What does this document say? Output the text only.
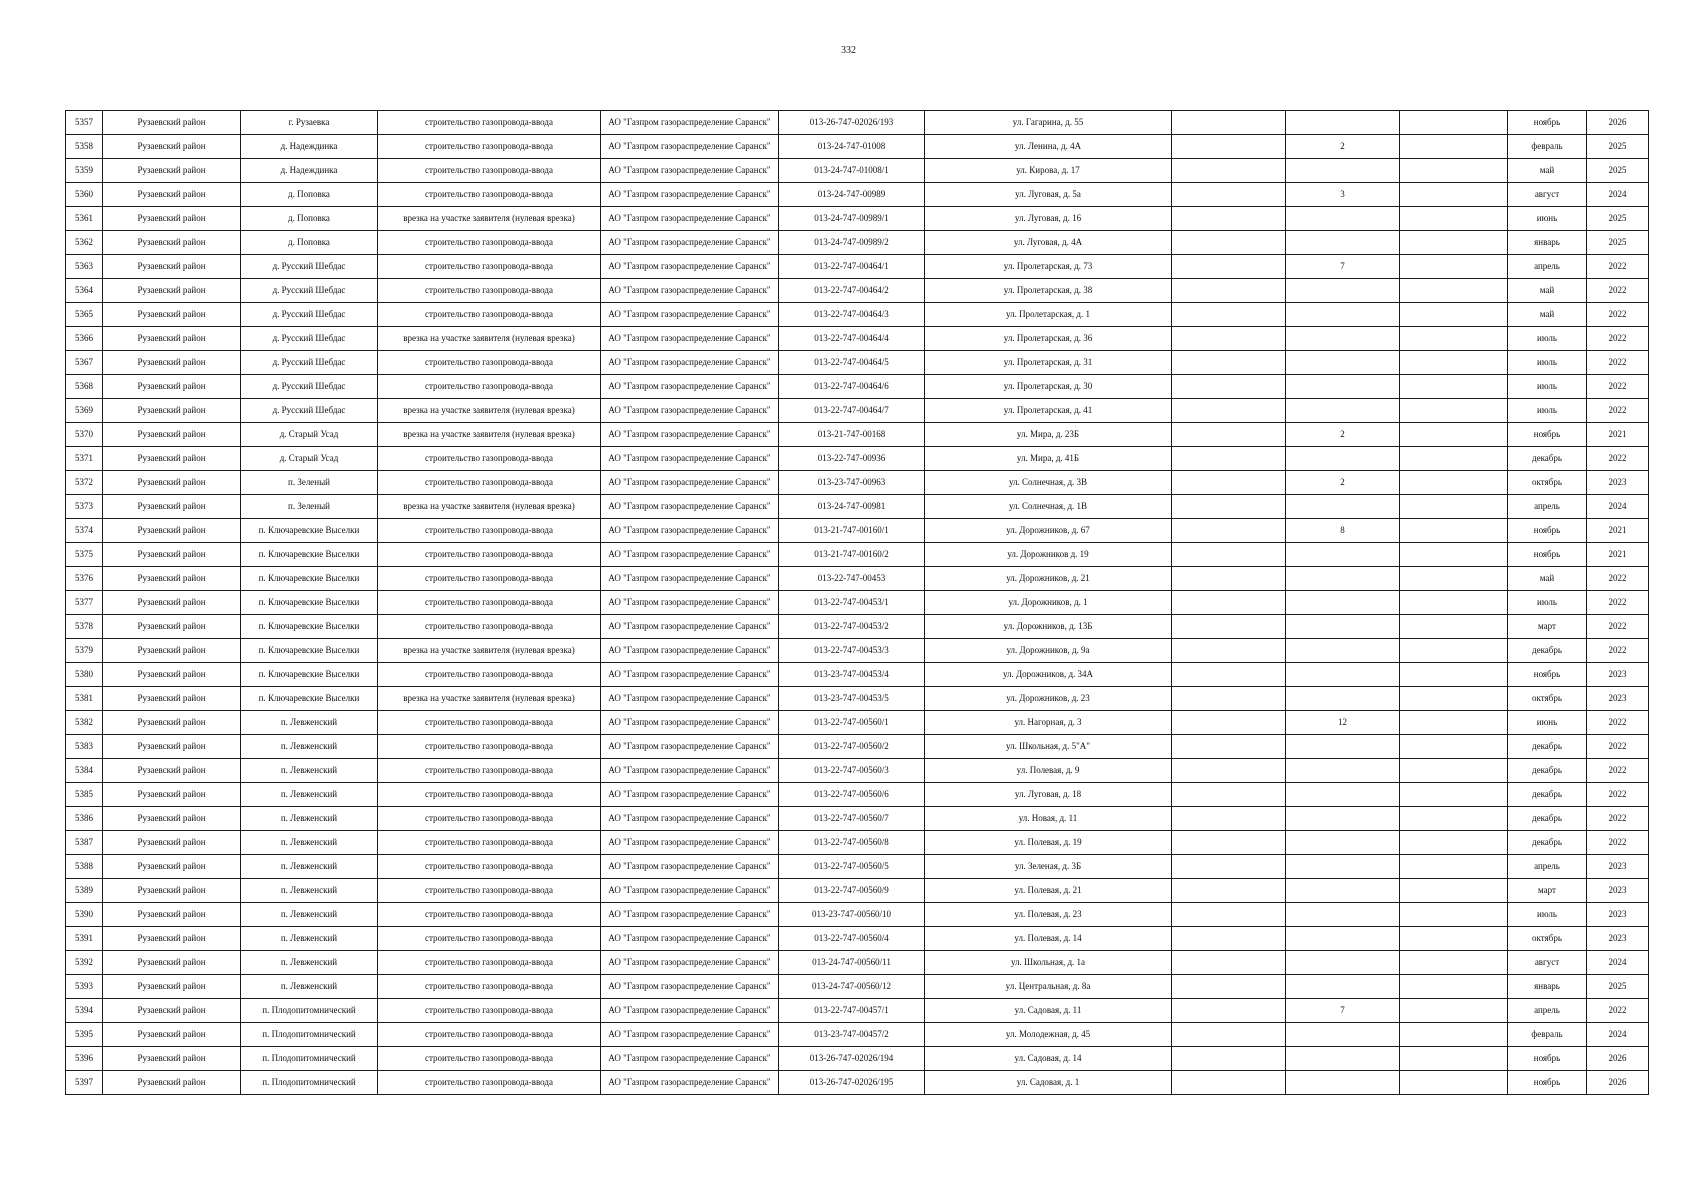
332
5357	Рузаевский район	г. Рузаевка	строительство газопровода-ввода	АО "Газпром газораспределение Саранск"	013-26-747-02026/193	ул. Гагарина, д. 55				ноябрь	2026
5358	Рузаевский район	д. Надеждинка	строительство газопровода-ввода	АО "Газпром газораспределение Саранск"	013-24-747-01008	ул. Ленина, д. 4А		2		февраль	2025
5359	Рузаевский район	д. Надеждинка	строительство газопровода-ввода	АО "Газпром газораспределение Саранск"	013-24-747-01008/1	ул. Кирова, д. 17				май	2025
5360	Рузаевский район	д. Поповка	строительство газопровода-ввода	АО "Газпром газораспределение Саранск"	013-24-747-00989	ул. Луговая, д. 5а		3		август	2024
5361	Рузаевский район	д. Поповка	врезка на участке заявителя (нулевая врезка)	АО "Газпром газораспределение Саранск"	013-24-747-00989/1	ул. Луговая, д. 16				июнь	2025
5362	Рузаевский район	д. Поповка	строительство газопровода-ввода	АО "Газпром газораспределение Саранск"	013-24-747-00989/2	ул. Луговая, д. 4А				январь	2025
5363	Рузаевский район	д. Русский Шебдас	строительство газопровода-ввода	АО "Газпром газораспределение Саранск"	013-22-747-00464/1	ул. Пролетарская, д. 73		7		апрель	2022
5364	Рузаевский район	д. Русский Шебдас	строительство газопровода-ввода	АО "Газпром газораспределение Саранск"	013-22-747-00464/2	ул. Пролетарская, д. 38				май	2022
5365	Рузаевский район	д. Русский Шебдас	строительство газопровода-ввода	АО "Газпром газораспределение Саранск"	013-22-747-00464/3	ул. Пролетарская, д. 1				май	2022
5366	Рузаевский район	д. Русский Шебдас	врезка на участке заявителя (нулевая врезка)	АО "Газпром газораспределение Саранск"	013-22-747-00464/4	ул. Пролетарская, д. 36				июль	2022
5367	Рузаевский район	д. Русский Шебдас	строительство газопровода-ввода	АО "Газпром газораспределение Саранск"	013-22-747-00464/5	ул. Пролетарская, д. 31				июль	2022
5368	Рузаевский район	д. Русский Шебдас	строительство газопровода-ввода	АО "Газпром газораспределение Саранск"	013-22-747-00464/6	ул. Пролетарская, д. 30				июль	2022
5369	Рузаевский район	д. Русский Шебдас	врезка на участке заявителя (нулевая врезка)	АО "Газпром газораспределение Саранск"	013-22-747-00464/7	ул. Пролетарская, д. 41				июль	2022
5370	Рузаевский район	д. Старый Усад	врезка на участке заявителя (нулевая врезка)	АО "Газпром газораспределение Саранск"	013-21-747-00168	ул. Мира, д. 23Б		2		ноябрь	2021
5371	Рузаевский район	д. Старый Усад	строительство газопровода-ввода	АО "Газпром газораспределение Саранск"	013-22-747-00936	ул. Мира, д. 41Б				декабрь	2022
5372	Рузаевский район	п. Зеленый	строительство газопровода-ввода	АО "Газпром газораспределение Саранск"	013-23-747-00963	ул. Солнечная, д. 3В		2		октябрь	2023
5373	Рузаевский район	п. Зеленый	врезка на участке заявителя (нулевая врезка)	АО "Газпром газораспределение Саранск"	013-24-747-00981	ул. Солнечная, д. 1В				апрель	2024
5374	Рузаевский район	п. Ключаревские Выселки	строительство газопровода-ввода	АО "Газпром газораспределение Саранск"	013-21-747-00160/1	ул. Дорожников, д. 67		8		ноябрь	2021
5375	Рузаевский район	п. Ключаревские Выселки	строительство газопровода-ввода	АО "Газпром газораспределение Саранск"	013-21-747-00160/2	ул. Дорожников д. 19				ноябрь	2021
5376	Рузаевский район	п. Ключаревские Выселки	строительство газопровода-ввода	АО "Газпром газораспределение Саранск"	013-22-747-00453	ул. Дорожников, д. 21				май	2022
5377	Рузаевский район	п. Ключаревские Выселки	строительство газопровода-ввода	АО "Газпром газораспределение Саранск"	013-22-747-00453/1	ул. Дорожников, д. 1				июль	2022
5378	Рузаевский район	п. Ключаревские Выселки	строительство газопровода-ввода	АО "Газпром газораспределение Саранск"	013-22-747-00453/2	ул. Дорожников, д. 13Б				март	2022
5379	Рузаевский район	п. Ключаревские Выселки	врезка на участке заявителя (нулевая врезка)	АО "Газпром газораспределение Саранск"	013-22-747-00453/3	ул. Дорожников, д. 9а				декабрь	2022
5380	Рузаевский район	п. Ключаревские Выселки	строительство газопровода-ввода	АО "Газпром газораспределение Саранск"	013-23-747-00453/4	ул. Дорожников, д. 34А				ноябрь	2023
5381	Рузаевский район	п. Ключаревские Выселки	врезка на участке заявителя (нулевая врезка)	АО "Газпром газораспределение Саранск"	013-23-747-00453/5	ул. Дорожников, д. 23				октябрь	2023
5382	Рузаевский район	п. Левженский	строительство газопровода-ввода	АО "Газпром газораспределение Саранск"	013-22-747-00560/1	ул. Нагорная, д. 3		12		июнь	2022
5383	Рузаевский район	п. Левженский	строительство газопровода-ввода	АО "Газпром газораспределение Саранск"	013-22-747-00560/2	ул. Школьная, д. 5"А"				декабрь	2022
5384	Рузаевский район	п. Левженский	строительство газопровода-ввода	АО "Газпром газораспределение Саранск"	013-22-747-00560/3	ул. Полевая, д. 9				декабрь	2022
5385	Рузаевский район	п. Левженский	строительство газопровода-ввода	АО "Газпром газораспределение Саранск"	013-22-747-00560/6	ул. Луговая, д. 18				декабрь	2022
5386	Рузаевский район	п. Левженский	строительство газопровода-ввода	АО "Газпром газораспределение Саранск"	013-22-747-00560/7	ул. Новая, д. 11				декабрь	2022
5387	Рузаевский район	п. Левженский	строительство газопровода-ввода	АО "Газпром газораспределение Саранск"	013-22-747-00560/8	ул. Полевая, д. 19				декабрь	2022
5388	Рузаевский район	п. Левженский	строительство газопровода-ввода	АО "Газпром газораспределение Саранск"	013-22-747-00560/5	ул. Зеленая, д. 3Б				апрель	2023
5389	Рузаевский район	п. Левженский	строительство газопровода-ввода	АО "Газпром газораспределение Саранск"	013-22-747-00560/9	ул. Полевая, д. 21				март	2023
5390	Рузаевский район	п. Левженский	строительство газопровода-ввода	АО "Газпром газораспределение Саранск"	013-23-747-00560/10	ул. Полевая, д. 23				июль	2023
5391	Рузаевский район	п. Левженский	строительство газопровода-ввода	АО "Газпром газораспределение Саранск"	013-22-747-00560/4	ул. Полевая, д. 14				октябрь	2023
5392	Рузаевский район	п. Левженский	строительство газопровода-ввода	АО "Газпром газораспределение Саранск"	013-24-747-00560/11	ул. Школьная, д. 1а				август	2024
5393	Рузаевский район	п. Левженский	строительство газопровода-ввода	АО "Газпром газораспределение Саранск"	013-24-747-00560/12	ул. Центральная, д. 8а				январь	2025
5394	Рузаевский район	п. Плодопитомнический	строительство газопровода-ввода	АО "Газпром газораспределение Саранск"	013-22-747-00457/1	ул. Садовая, д. 11		7		апрель	2022
5395	Рузаевский район	п. Плодопитомнический	строительство газопровода-ввода	АО "Газпром газораспределение Саранск"	013-23-747-00457/2	ул. Молодежная, д. 45				февраль	2024
5396	Рузаевский район	п. Плодопитомнический	строительство газопровода-ввода	АО "Газпром газораспределение Саранск"	013-26-747-02026/194	ул. Садовая, д. 14				ноябрь	2026
5397	Рузаевский район	п. Плодопитомнический	строительство газопровода-ввода	АО "Газпром газораспределение Саранск"	013-26-747-02026/195	ул. Садовая, д. 1				ноябрь	2026
